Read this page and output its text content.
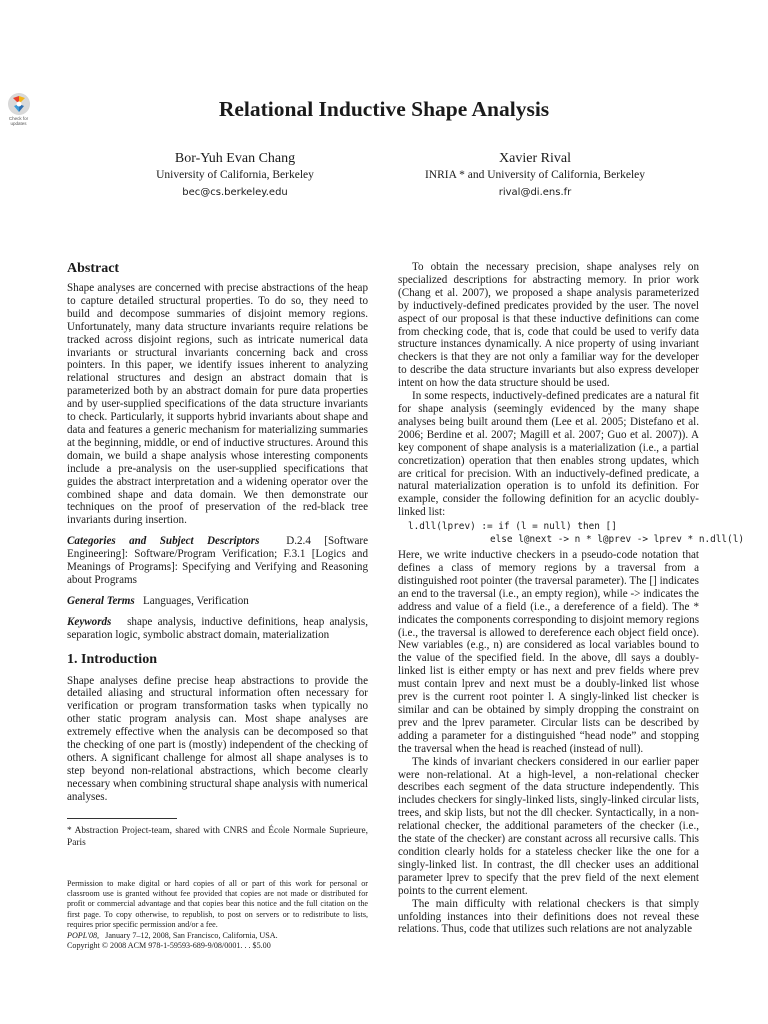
Check for
updates
Relational Inductive Shape Analysis
Bor-Yuh Evan Chang
University of California, Berkeley
bec@cs.berkeley.edu
Xavier Rival
INRIA * and University of California, Berkeley
rival@di.ens.fr
Abstract

Shape analyses are concerned with precise abstractions of the heap to capture detailed structural properties. To do so, they need to build and decompose summaries of disjoint memory regions. Unfortunately, many data structure invariants require relations be tracked across disjoint regions, such as intricate numerical data invariants or structural invariants concerning back and cross pointers. In this paper, we identify issues inherent to analyzing relational structures and design an abstract domain that is parameterized both by an abstract domain for pure data properties and by user-supplied specifications of the data structure invariants to check. Particularly, it supports hybrid invariants about shape and data and features a generic mechanism for materializing summaries at the beginning, middle, or end of inductive structures. Around this domain, we build a shape analysis whose interesting components include a pre-analysis on the user-supplied specifications that guides the abstract interpretation and a widening operator over the combined shape and data domain. We then demonstrate our techniques on the proof of preservation of the red-black tree invariants during insertion.

Categories and Subject Descriptors D.2.4 [Software Engineering]: Software/Program Verification; F.3.1 [Logics and Meanings of Programs]: Specifying and Verifying and Reasoning about Programs

General Terms Languages, Verification

Keywords shape analysis, inductive definitions, heap analysis, separation logic, symbolic abstract domain, materialization

1. Introduction

Shape analyses define precise heap abstractions to provide the detailed aliasing and structural information often necessary for verification or program transformation tasks when typically no other static program analysis can. Most shape analyses are extremely effective when the analysis can be decomposed so that the checking of one part is (mostly) independent of the checking of others. A significant challenge for almost all shape analyses is to step beyond non-relational abstractions, which become clearly necessary when combining structural shape analysis with numerical analyses.

* Abstraction Project-team, shared with CNRS and École Normale Suprieure, Paris

Permission to make digital or hard copies of all or part of this work for personal or classroom use is granted without fee provided that copies are not made or distributed for profit or commercial advantage and that copies bear this notice and the full citation on the first page. To copy otherwise, to republish, to post on servers or to redistribute to lists, requires prior specific permission and/or a fee.

POPL'08, January 7–12, 2008, San Francisco, California, USA.

Copyright © 2008 ACM 978-1-59593-689-9/08/0001. . . $5.00

To obtain the necessary precision, shape analyses rely on specialized descriptions for abstracting memory. In prior work (Chang et al. 2007), we proposed a shape analysis parameterized by inductively-defined predicates provided by the user. The novel aspect of our proposal is that these inductive definitions can come from checking code, that is, code that could be used to verify data structure instances dynamically. A nice property of using invariant checkers is that they are not only a familiar way for the developer to describe the data structure invariants but also express developer intent on how the data structure should be used.

In some respects, inductively-defined predicates are a natural fit for shape analysis (seemingly evidenced by the many shape analyses being built around them (Lee et al. 2005; Distefano et al. 2006; Berdine et al. 2007; Magill et al. 2007; Guo et al. 2007)). A key component of shape analysis is a materialization (i.e., a partial concretization) operation that then enables strong updates, which are critical for precision. With an inductively-defined predicate, a natural materialization operation is to unfold its definition. For example, consider the following definition for an acyclic doubly-linked list:

l.dll(lprev) := if (l = null) then []
else l@next -> n * l@prev -> lprev * n.dll(l)

Here, we write inductive checkers in a pseudo-code notation that defines a class of memory regions by a traversal from a distinguished root pointer (the traversal parameter). The [] indicates an end to the traversal (i.e., an empty region), while -> indicates the address and value of a field (i.e., a dereference of a field). The * indicates the components corresponding to disjoint memory regions (i.e., the traversal is allowed to dereference each object field once). New variables (e.g., n) are considered as local variables bound to the value of the specified field. In the above, dll says a doubly-linked list is either empty or has next and prev fields where prev must contain lprev and next must be a doubly-linked list whose prev is the current root pointer l. A singly-linked list checker is similar and can be obtained by simply dropping the constraint on prev and the lprev parameter. Circular lists can be described by adding a parameter for a distinguished “head node” and stopping the traversal when the head is reached (instead of null).

The kinds of invariant checkers considered in our earlier paper were non-relational. At a high-level, a non-relational checker describes each segment of the data structure independently. This includes checkers for singly-linked lists, singly-linked circular lists, trees, and skip lists, but not the dll checker. Syntactically, in a non-relational checker, the additional parameters of the checker (i.e., the state of the checker) are constant across all recursive calls. This condition clearly holds for a stateless checker like the one for a singly-linked list. In contrast, the dll checker uses an additional parameter lprev to specify that the prev field of the next element points to the current element.

The main difficulty with relational checkers is that simply unfolding instances into their definitions does not reveal these relations. Thus, code that utilizes such relations are not analyzable
